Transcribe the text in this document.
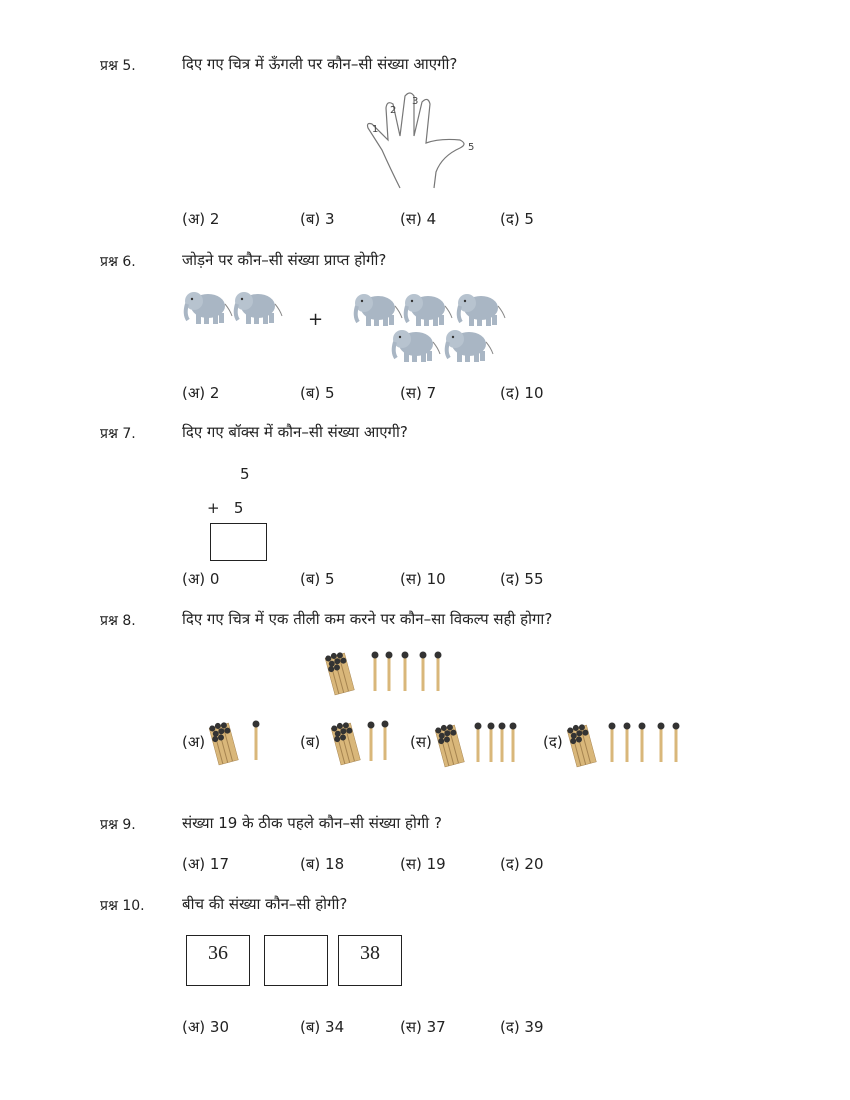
प्रश्न 5.	दिए गए चित्र में ऊँगली पर कौन–सी संख्या आएगी?
1
2
3
5
(अ) 2	(ब) 3	(स) 4	(द) 5
प्रश्न 6.	जोड़ने पर कौन–सी संख्या प्राप्त होगी?
+
(अ) 2	(ब) 5	(स) 7	(द) 10
प्रश्न 7.	दिए गए बॉक्स में कौन–सी संख्या आएगी?
5
+   5
(अ) 0	(ब) 5	(स) 10	(द) 55
प्रश्न 8.	दिए गए चित्र में एक तीली कम करने पर कौन–सा विकल्प सही होगा?
(अ)	(ब)	(स)	(द)
प्रश्न 9.	संख्या 19 के ठीक पहले कौन–सी संख्या होगी ?
(अ) 17	(ब) 18	(स) 19	(द) 20
प्रश्न 10. बीच की संख्या कौन–सी होगी?
36	38
(अ) 30	(ब) 34	(स) 37	(द) 39
